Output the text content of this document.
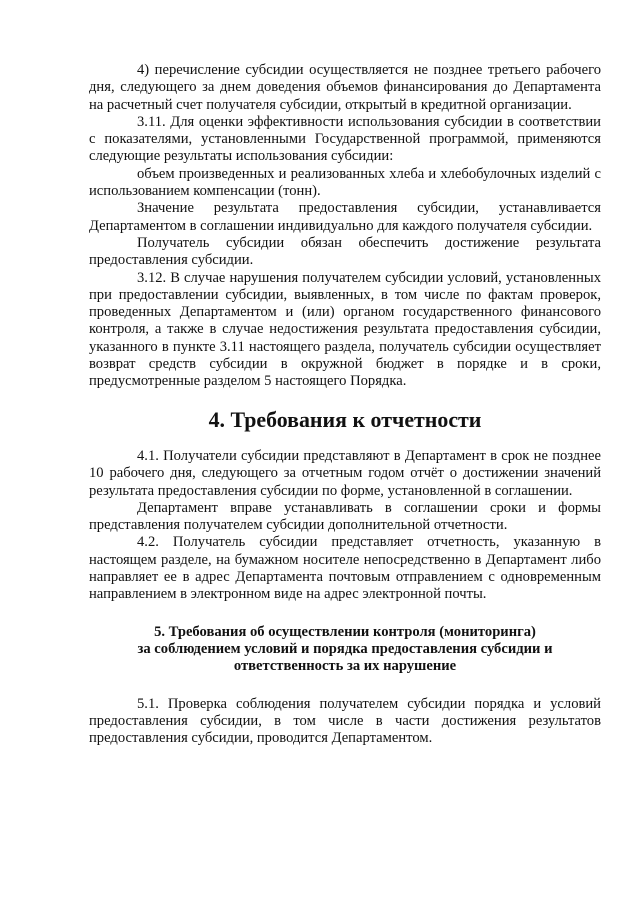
4) перечисление субсидии осуществляется не позднее третьего рабочего дня, следующего за днем доведения объемов финансирования до Департамента на расчетный счет получателя субсидии, открытый в кредитной организации.

3.11. Для оценки эффективности использования субсидии в соответствии с показателями, установленными Государственной программой, применяются следующие результаты использования субсидии:

объем произведенных и реализованных хлеба и хлебобулочных изделий с использованием компенсации (тонн).

Значение результата предоставления субсидии, устанавливается Департаментом в соглашении индивидуально для каждого получателя субсидии.

Получатель субсидии обязан обеспечить достижение результата предоставления субсидии.

3.12. В случае нарушения получателем субсидии условий, установленных при предоставлении субсидии, выявленных, в том числе по фактам проверок, проведенных Департаментом и (или) органом государственного финансового контроля, а также в случае недостижения результата предоставления субсидии, указанного в пункте 3.11 настоящего раздела, получатель субсидии осуществляет возврат средств субсидии в окружной бюджет в порядке и в сроки, предусмотренные разделом 5 настоящего Порядка.

4. Требования к отчетности

4.1. Получатели субсидии представляют в Департамент в срок не позднее 10 рабочего дня, следующего за отчетным годом отчёт о достижении значений результата предоставления субсидии по форме, установленной в соглашении.

Департамент вправе устанавливать в соглашении сроки и формы представления получателем субсидии дополнительной отчетности.

4.2. Получатель субсидии представляет отчетность, указанную в настоящем разделе, на бумажном носителе непосредственно в Департамент либо направляет ее в адрес Департамента почтовым отправлением с одновременным направлением в электронном виде на адрес электронной почты.

5. Требования об осуществлении контроля (мониторинга)
за соблюдением условий и порядка предоставления субсидии и
ответственность за их нарушение

5.1. Проверка соблюдения получателем субсидии порядка и условий предоставления субсидии, в том числе в части достижения результатов предоставления субсидии, проводится Департаментом.
